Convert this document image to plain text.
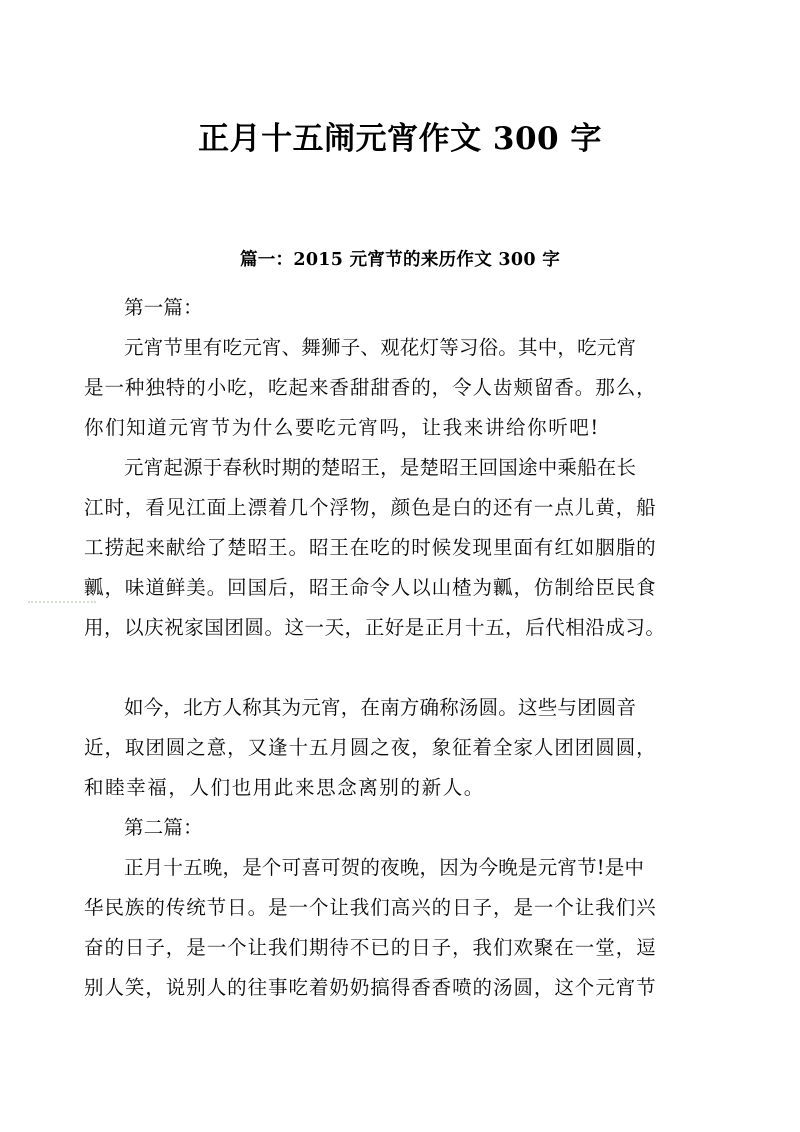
正月十五闹元宵作文 300 字
篇一：2015 元宵节的来历作文 300 字
第一篇：
元宵节里有吃元宵、舞狮子、观花灯等习俗。其中，吃元宵
是一种独特的小吃，吃起来香甜甜香的，令人齿颊留香。那么，
你们知道元宵节为什么要吃元宵吗，让我来讲给你听吧!
元宵起源于春秋时期的楚昭王，是楚昭王回国途中乘船在长
江时，看见江面上漂着几个浮物，颜色是白的还有一点儿黄，船
工捞起来献给了楚昭王。昭王在吃的时候发现里面有红如胭脂的
瓤，味道鲜美。回国后，昭王命令人以山楂为瓤，仿制给臣民食
用，以庆祝家国团圆。这一天，正好是正月十五，后代相沿成习。
如今，北方人称其为元宵，在南方确称汤圆。这些与团圆音
近，取团圆之意，又逢十五月圆之夜，象征着全家人团团圆圆，
和睦幸福，人们也用此来思念离别的新人。
第二篇：
正月十五晚，是个可喜可贺的夜晚，因为今晚是元宵节!是中
华民族的传统节日。是一个让我们高兴的日子，是一个让我们兴
奋的日子，是一个让我们期待不已的日子，我们欢聚在一堂，逗
别人笑，说别人的往事吃着奶奶搞得香香喷的汤圆，这个元宵节
